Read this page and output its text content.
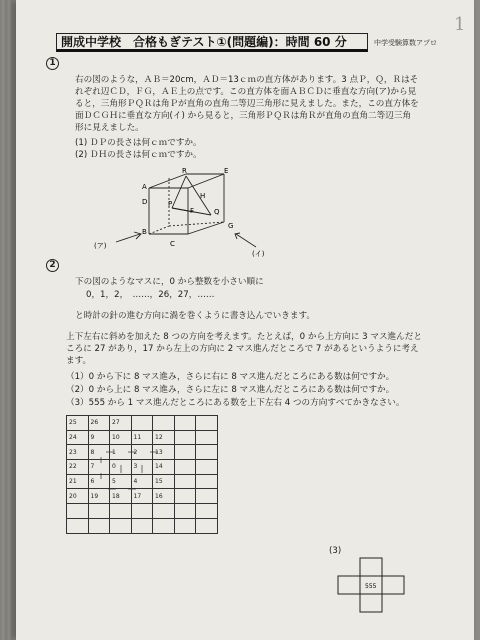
1
開成中学校　合格もぎテスト①(問題編)：時間 60 分	中学受験算数アプロ

1
右の図のような，ＡＢ＝20cm，ＡＤ＝13ｃｍの直方体があります。3 点Ｐ，Ｑ，Ｒはそ
れぞれ辺ＣＤ，ＦＧ，ＡＥ上の点です。この直方体を面ＡＢＣＤに垂直な方向(ア)から見
ると，三角形ＰＱＲは角Ｐが直角の直角二等辺三角形に見えました。また，この直方体を
面ＤＣＧＨに垂直な方向(イ) から見ると，三角形ＰＱＲは角Ｒが直角の直角二等辺三角
形に見えました。
(1) ＤＰの長さは何ｃｍですか。
(2) ＤＨの長さは何ｃｍですか。
A
D
B
C
R	E
P
F	Q
G
H
(ア)
(イ)
2
下の図のようなマスに，0 から整数を小さい順に
0，1，2，　……，26，27，……
と時計の針の進む方向に渦を巻くように書き込んでいきます。
上下左右に斜めを加えた 8 つの方向を考えます。たとえば，0 から上方向に 3 マス進んだと
ころに 27 があり，17 から左上の方向に 2 マス進んだところで 7 があるというように考え
ます。
（1）0 から下に 8 マス進み，さらに右に 8 マス進んだところにある数は何ですか。
（2）0 から上に 8 マス進み，さらに左に 8 マス進んだところにある数は何ですか。
（3）555 から 1 マス進んだところにある数を上下左右 4 つの方向すべてかきなさい。
25	26	27				
24	9	10	11	12		
23	8	1	2	13		
22	7	0	3	14		
21	6	5	4	15		
20	19	18	17	16		

(3)
555
